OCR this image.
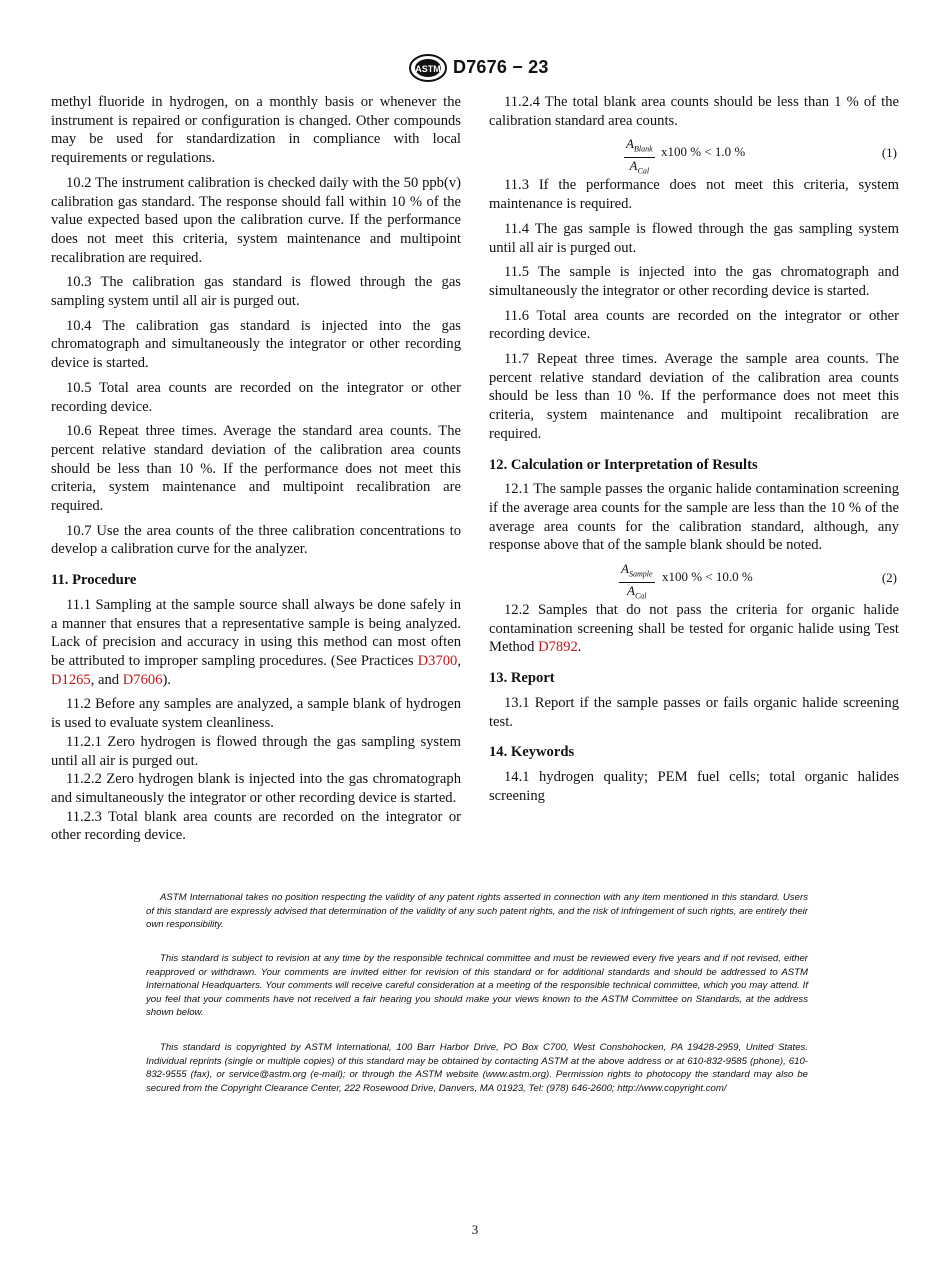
ASTM D7676 − 23

methyl fluoride in hydrogen, on a monthly basis or whenever the instrument is repaired or configuration is changed. Other compounds may be used for standardization in compliance with local requirements or regulations.

10.2 The instrument calibration is checked daily with the 50 ppb(v) calibration gas standard. The response should fall within 10 % of the value expected based upon the calibration curve. If the performance does not meet this criteria, system maintenance and multipoint recalibration are required.

10.3 The calibration gas standard is flowed through the gas sampling system until all air is purged out.

10.4 The calibration gas standard is injected into the gas chromatograph and simultaneously the integrator or other recording device is started.

10.5 Total area counts are recorded on the integrator or other recording device.

10.6 Repeat three times. Average the standard area counts. The percent relative standard deviation of the calibration area counts should be less than 10 %. If the performance does not meet this criteria, system maintenance and multipoint recalibration are required.

10.7 Use the area counts of the three calibration concentrations to develop a calibration curve for the analyzer.

11. Procedure

11.1 Sampling at the sample source shall always be done safely in a manner that ensures that a representative sample is being analyzed. Lack of precision and accuracy in using this method can most often be attributed to improper sampling procedures. (See Practices D3700, D1265, and D7606).

11.2 Before any samples are analyzed, a sample blank of hydrogen is used to evaluate system cleanliness.

11.2.1 Zero hydrogen is flowed through the gas sampling system until all air is purged out.

11.2.2 Zero hydrogen blank is injected into the gas chromatograph and simultaneously the integrator or other recording device is started.

11.2.3 Total blank area counts are recorded on the integrator or other recording device.

11.2.4 The total blank area counts should be less than 1 % of the calibration standard area counts.

$A_{Blank}$
$A_{Cal}$
x100 % < 1.0 %	(1)

11.3 If the performance does not meet this criteria, system maintenance is required.

11.4 The gas sample is flowed through the gas sampling system until all air is purged out.

11.5 The sample is injected into the gas chromatograph and simultaneously the integrator or other recording device is started.

11.6 Total area counts are recorded on the integrator or other recording device.

11.7 Repeat three times. Average the sample area counts. The percent relative standard deviation of the calibration area counts should be less than 10 %. If the performance does not meet this criteria, system maintenance and multipoint recalibration are required.

12. Calculation or Interpretation of Results

12.1 The sample passes the organic halide contamination screening if the average area counts for the sample are less than the 10 % of the average area counts for the calibration standard, although, any response above that of the sample blank should be noted.

$A_{Sample}$
$A_{Cal}$
x100 % < 10.0 %	(2)

12.2 Samples that do not pass the criteria for organic halide contamination screening shall be tested for organic halide using Test Method D7892.

13. Report

13.1 Report if the sample passes or fails organic halide screening test.

14. Keywords

14.1 hydrogen quality; PEM fuel cells; total organic halides screening

ASTM International takes no position respecting the validity of any patent rights asserted in connection with any item mentioned in this standard. Users of this standard are expressly advised that determination of the validity of any such patent rights, and the risk of infringement of such rights, are entirely their own responsibility.

This standard is subject to revision at any time by the responsible technical committee and must be reviewed every five years and if not revised, either reapproved or withdrawn. Your comments are invited either for revision of this standard or for additional standards and should be addressed to ASTM International Headquarters. Your comments will receive careful consideration at a meeting of the responsible technical committee, which you may attend. If you feel that your comments have not received a fair hearing you should make your views known to the ASTM Committee on Standards, at the address shown below.

This standard is copyrighted by ASTM International, 100 Barr Harbor Drive, PO Box C700, West Conshohocken, PA 19428-2959, United States. Individual reprints (single or multiple copies) of this standard may be obtained by contacting ASTM at the above address or at 610-832-9585 (phone), 610-832-9555 (fax), or service@astm.org (e-mail); or through the ASTM website (www.astm.org). Permission rights to photocopy the standard may also be secured from the Copyright Clearance Center, 222 Rosewood Drive, Danvers, MA 01923, Tel: (978) 646-2600; http://www.copyright.com/

3
